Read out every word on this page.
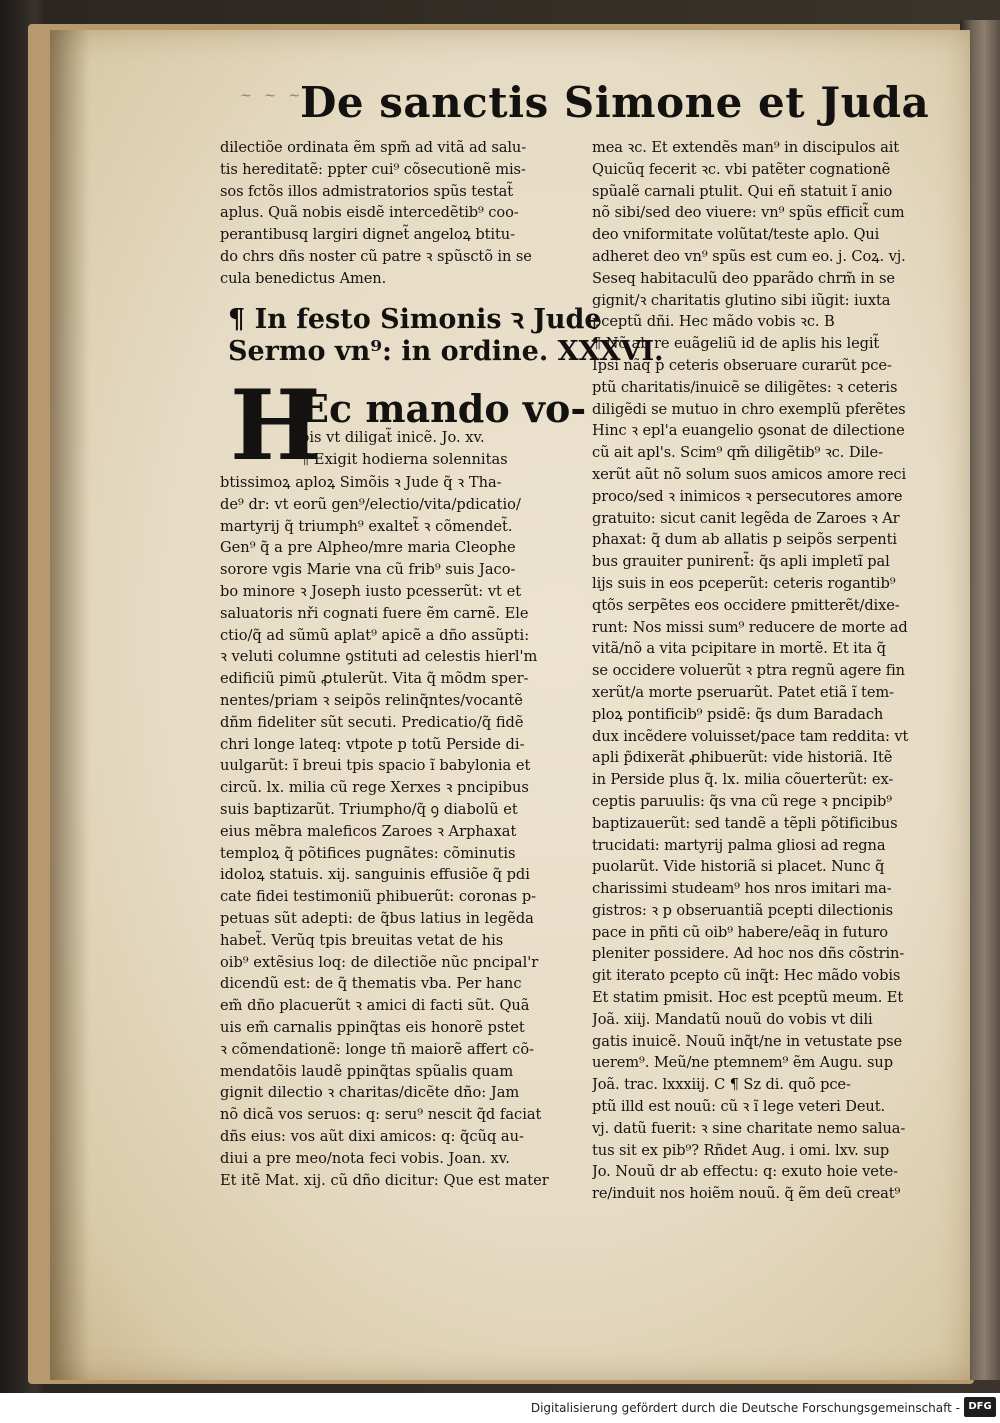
~ ~ ~
De sanctis Simone et Juda

dilectiõe ordinata ẽm spm̃ ad vitã ad salu-

tis hereditatẽ: ppter cui⁹ cõsecutionẽ mis-

sos fctõs illos admistratorios spũs testat̃

aplus. Quã nobis eisdẽ intercedẽtib⁹ coo-

perantibusq largiri dignet̃ angeloꝝ btitu-

do chrs dñs noster cũ patre ꝛ spũsctõ in se

cula benedictus Amen.

¶ In festo Simonis ꝛ Jude
Sermo vn⁹: in ordine. XXXVI.
H
Ec mando vo-

bis vt diligat̃ inicẽ. Jo. xv.

¶ Exigit hodierna solennitas

btissimoꝝ aploꝝ Simõis ꝛ Jude q̃ ꝛ Tha-

de⁹ dr: vt eorũ gen⁹/electio/vita/pdicatio/

martyrij q̃ triumph⁹ exaltet̃ ꝛ cõmendet̃.

Gen⁹ q̃ a pre Alpheo/mre maria Cleophe

sorore vgis Marie vna cũ frib⁹ suis Jaco-

bo minore ꝛ Joseph iusto pcesserũt: vt et

saluatoris nři cognati fuere ẽm carnẽ. Ele

ctio/q̃ ad sũmũ aplat⁹ apicẽ a dño assũpti:

ꝛ veluti columne ꝯstituti ad celestis hierl'm

edificiũ pimũ ꝓtulerũt. Vita q̃ mõdm sper-

nentes/priam ꝛ seipõs relinq̃ntes/vocantẽ

dñm fideliter sũt secuti. Predicatio/q̃ fidẽ

chri longe lateq: vtpote p totũ Perside di-

uulgarũt: ĩ breui tpis spacio ĩ babylonia et

circũ. lx. milia cũ rege Xerxes ꝛ pncipibus

suis baptizarũt. Triumpho/q̃ ꝯ diabolũ et

eius mẽbra maleficos Zaroes ꝛ Arphaxat

temploꝝ q̃ põtifices pugnãtes: cõminutis

idoloꝝ statuis. xij. sanguinis effusiõe q̃ pdi

cate fidei testimoniũ phibuerũt: coronas p-

petuas sũt adepti: de q̃bus latius in legẽda

habet̃. Verũq tpis breuitas vetat de his

oib⁹ extẽsius loq: de dilectiõe nũc pncipal'r

dicendũ est: de q̃ thematis vba. Per hanc

em̃ dño placuerũt ꝛ amici di facti sũt. Quã

uis em̃ carnalis ppinq̃tas eis honorẽ pstet

ꝛ cõmendationẽ: longe tñ maiorẽ affert cõ-

mendatõis laudẽ ppinq̃tas spũalis quam

gignit dilectio ꝛ charitas/dicẽte dño: Jam

nõ dicã vos seruos: q: seru⁹ nescit q̃d faciat

dñs eius: vos aũt dixi amicos: q: q̃cũq au-

diui a pre meo/nota feci vobis. Joan. xv.

Et itẽ Mat. xij. cũ dño dicitur: Que est mater

mea ꝛc. Et extendẽs man⁹ in discipulos ait

Quicũq fecerit ꝛc. vbi patẽter cognationẽ

spũalẽ carnali ptulit. Qui eñ statuit ĩ anio

nõ sibi/sed deo viuere: vn⁹ spũs efficit̃ cum

deo vniformitate volũtat/teste aplo. Qui

adheret deo vn⁹ spũs est cum eo. j. Coꝝ. vj.

Seseq habitaculũ deo pparãdo chrm̃ in se

gignit/ꝛ charitatis glutino sibi iũgit: iuxta

pceptũ dñi. Hec mãdo vobis ꝛc. B

¶ Nõ ab re euãgeliũ id de aplis his legit̃

Ipsi nãq p ceteris obseruare curarũt pce-

ptũ charitatis/inuicẽ se diligẽtes: ꝛ ceteris

diligẽdi se mutuo in chro exemplũ pferẽtes

Hinc ꝛ epl'a euangelio ꝯsonat de dilectione

cũ ait apl's. Scim⁹ qm̃ diligẽtib⁹ ꝛc. Dile-

xerũt aũt nõ solum suos amicos amore reci

proco/sed ꝛ inimicos ꝛ persecutores amore

gratuito: sicut canit legẽda de Zaroes ꝛ Ar

phaxat: q̃ dum ab allatis p seipõs serpenti

bus grauiter punirent̃: q̃s apli impletĩ pal

lijs suis in eos pceperũt: ceteris rogantib⁹

qtõs serpẽtes eos occidere pmitterẽt/dixe-

runt: Nos missi sum⁹ reducere de morte ad

vitã/nõ a vita pcipitare in mortẽ. Et ita q̃

se occidere voluerũt ꝛ ptra regnũ agere fin

xerũt/a morte pseruarũt. Patet etiã ĩ tem-

ploꝝ pontificib⁹ psidẽ: q̃s dum Baradach

dux incẽdere voluisset/pace tam reddita: vt

apli p̃dixerãt ꝓhibuerũt: vide historiã. Itẽ

in Perside plus q̃. lx. milia cõuerterũt: ex-

ceptis paruulis: q̃s vna cũ rege ꝛ pncipib⁹

baptizauerũt: sed tandẽ a tẽpli põtificibus

trucidati: martyrij palma gliosi ad regna

puolarũt. Vide historiã si placet. Nunc q̃

charissimi studeam⁹ hos nros imitari ma-

gistros: ꝛ p obseruantiã pcepti dilectionis

pace in pñti cũ oib⁹ habere/eãq in futuro

pleniter possidere. Ad hoc nos dñs cõstrin-

git iterato pcepto cũ inq̃t: Hec mãdo vobis

Et statim pmisit. Hoc est pceptũ meum. Et

Joã. xiij. Mandatũ nouũ do vobis vt dili

gatis inuicẽ. Nouũ inq̃t/ne in vetustate pse

uerem⁹. Meũ/ne ptemnem⁹ ẽm Augu. sup

Joã. trac. lxxxiij. C ¶ Sz di. quõ pce-

ptũ illd est nouũ: cũ ꝛ ĩ lege veteri Deut.

vj. datũ fuerit: ꝛ sine charitate nemo salua-

tus sit ex pib⁹? Rñdet Aug. i omi. lxv. sup

Jo. Nouũ dr ab effectu: q: exuto hoie vete-

re/induit nos hoiẽm nouũ. q̃ ẽm deũ creat⁹

Digitalisierung gefördert durch die Deutsche Forschungsgemeinschaft - DFG
